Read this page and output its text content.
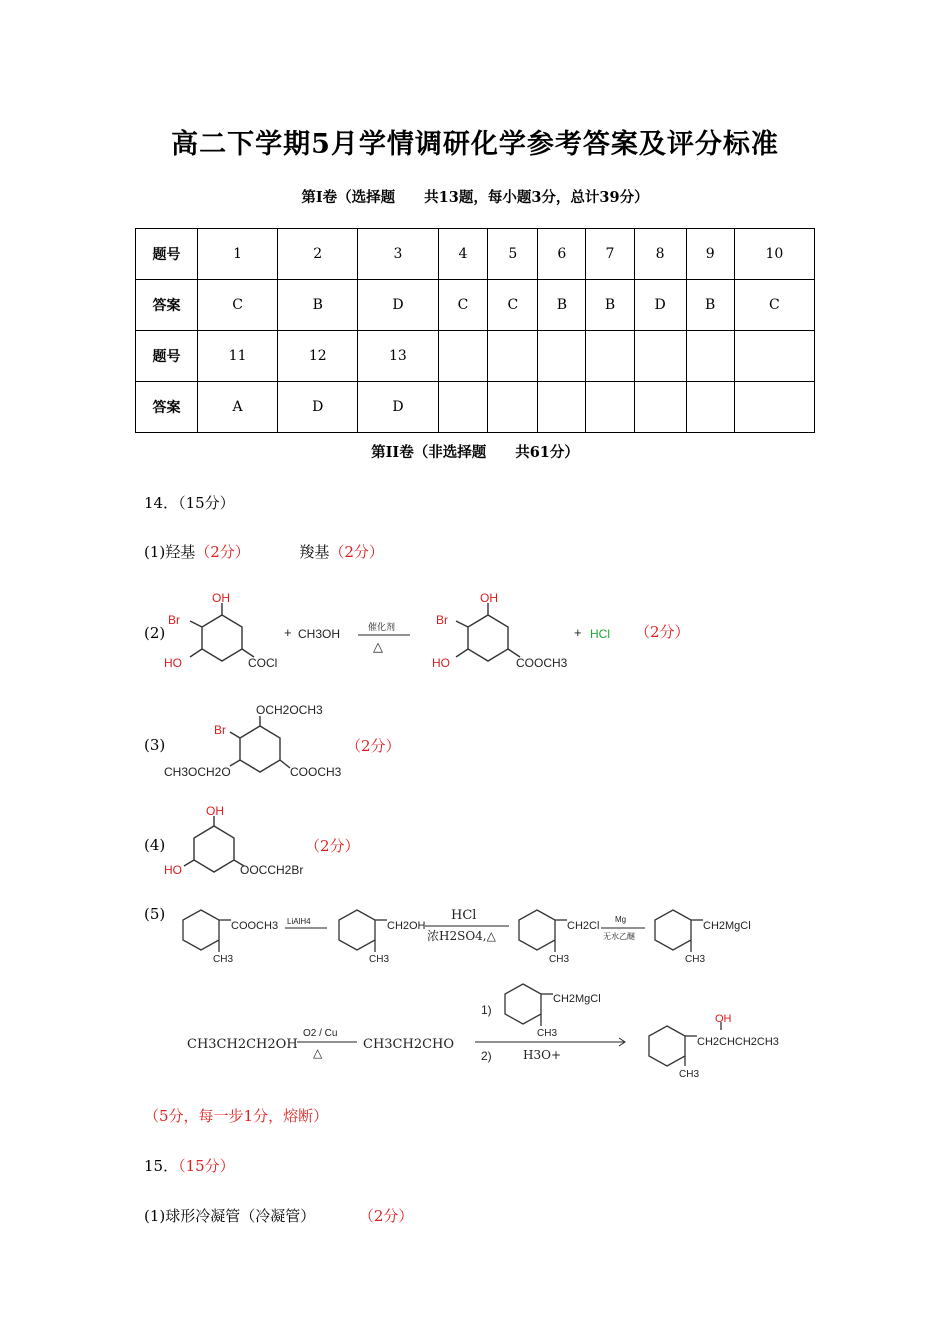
高二下学期5月学情调研化学参考答案及评分标准
第I卷（选择题　　共13题，每小题3分，总计39分）
题号	1	2	3	4	5	6	7	8	9	10
答案	C	B	D	C	C	B	B	D	B	C
题号	11	12	13							
答案	A	D	D							
第II卷（非选择题　　共61分）
14．（15分）
(1)羟基（2分）	羧基（2分）
(2)
OH
Br
HO	COCl
+ CH3OH	催化剂
△
OH
Br
HO	COOCH3
+ HCl （2分）
(3)
OCH2OCH3
Br
CH3OCH2O	COOCH3
（2分）
(4)
OH
HO	OOCCH2Br
（2分）
(5)
COOCH3
CH3
LiAlH4	CH2OH
CH3
HCl
浓H2SO4,△
CH2Cl
CH3
Mg
无水乙醚
CH2MgCl
CH3
CH3CH2CH2OH
O2 / Cu
△
CH3CH2CHO
1)
CH2MgCl
CH3
2)	H3O+
OH
CH2CHCH2CH3
CH3
（5分，每一步1分，熔断）
15．（15分）
(1)球形冷凝管（冷凝管）	（2分）
